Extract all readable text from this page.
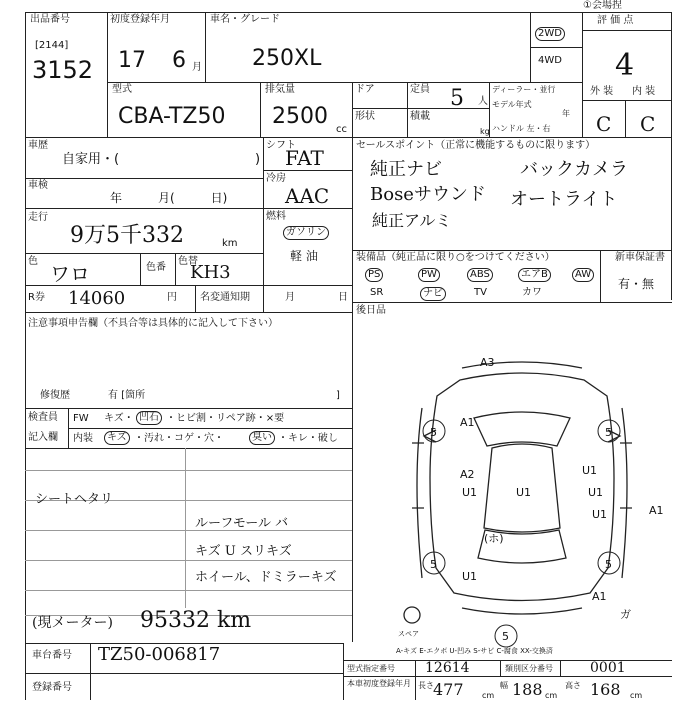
出品番号
[2144]
3152
初度登録年月
17 6 月
車名・グレード
250XL
①会場捏
2WD
4WD
評 価 点
4
外 装 内 装
C C
型式
CBA-TZ50
排気量
2500
cc
ドア	定員 5 人
ディーラー・並行
モデル年式
年
形状	積載
kg ハンドル 左・右
車歴
自家用・(	)
車検
年　　　月(　　　日)
走行
9万5千332	km
色
ワロ	色番
色替
KH3
R券 14060	円 名変通知期	月	日
シフト
FAT
冷房
AAC
燃料
ガソリン
軽 油
セールスポイント（正常に機能するものに限ります）
純正ナビ	バックカメラ
Boseサウンド オートライト
純正アルミ
装備品（純正品に限り○をつけてください）	新車保証書
有・無
PS	PW	ABS	エアB	AW
SR	ナビ	TV	カワ
後日品
注意事項申告欄（不具合等は具体的に記入して下さい）
修復歴	有 [箇所	]
検査員
記入欄
FW キズ・ 凹石 ・ヒビ割・リペア跡・×要
内装	キズ ・汚れ・コゲ・穴・	臭い ・キレ・破し
シートヘタリ
ルーフモール バ
キズ U スリキズ
ホイール、ドミラーキズ
(現メーター) 95332 km
車台番号 TZ50-006817
登録番号
型式指定番号 12614	類別区分番号	0001
本車初度登録年月 長さ 477 cm
幅 188 cm
高さ 168 cm
A3
A1
A2
U1	U1	U1
U1
U1
U1
(ホ)
A1
5	5
5	5
5
A1
ガ
スペア
A-キズ E-エクボ U-凹み S-サビ C-腐食 XX-交換済
